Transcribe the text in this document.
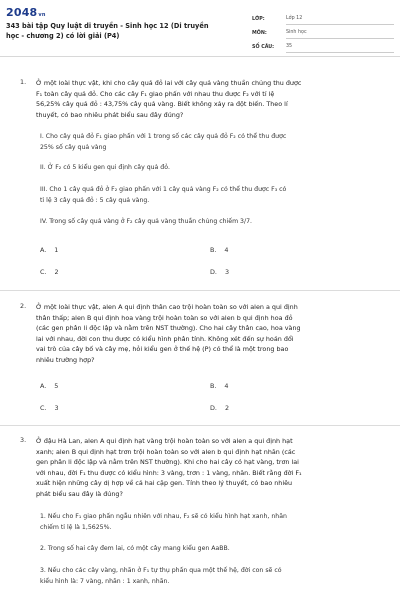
2048vn
343 bài tập Quy luật di truyền - Sinh học 12 (Di truyền học - chương 2) có lời giải (P4)
LỚP:	Lớp 12
MÔN:	Sinh học
SỐ CÂU:	35
1. Ở một loài thực vật, khi cho cây quả đỏ lai với cây quả vàng thuần chủng thu được
F₁ toàn cây quả đỏ. Cho các cây F₁ giao phấn với nhau thu được F₂ với tỉ lệ
56,25% cây quả đỏ : 43,75% cây quả vàng. Biết không xảy ra đột biến. Theo lí
thuyết, có bao nhiêu phát biểu sau đây đúng?
I. Cho cây quả đỏ F₁ giao phấn với 1 trong số các cây quả đỏ F₂ có thể thu được
25% số cây quả vàng
II. Ở F₂ có 5 kiểu gen qui định cây quả đỏ.
III. Cho 1 cây quả đỏ ở F₂ giao phấn với 1 cây quả vàng F₂ có thể thu được F₃ có
tỉ lệ 3 cây quả đỏ : 5 cây quả vàng.
IV. Trong số cây quả vàng ở F₂ cây quả vàng thuần chủng chiếm 3/7.
A. 1	B. 4
C. 2	D. 3
2. Ở một loài thực vật, alen A qui định thân cao trội hoàn toàn so với alen a qui định
thân thấp; alen B qui định hoa vàng trội hoàn toàn so với alen b qui định hoa đỏ
(các gen phân li độc lập và nằm trên NST thường). Cho hai cây thân cao, hoa vàng
lai với nhau, đời con thu được có kiểu hình phân tính. Không xét đến sự hoán đổi
vai trò của cây bố và cây mẹ, hỏi kiểu gen ở thế hệ (P) có thể là một trong bao
nhiêu trường hợp?
A. 5	B. 4
C. 3	D. 2
3. Ở đậu Hà Lan, alen A qui định hạt vàng trội hoàn toàn so với alen a qui định hạt
xanh; alen B qui định hạt trơn trội hoàn toàn so với alen b qui định hạt nhăn (các
gen phân li độc lập và nằm trên NST thường). Khi cho hai cây có hạt vàng, trơn lai
với nhau, đời F₁ thu được có kiểu hình: 3 vàng, trơn : 1 vàng, nhăn. Biết rằng đời F₁
xuất hiện những cây dị hợp về cả hai cặp gen. Tính theo lý thuyết, có bao nhiêu
phát biểu sau đây là đúng?
1. Nếu cho F₁ giao phấn ngẫu nhiên với nhau, F₂ sẽ có kiểu hình hạt xanh, nhăn
chiếm tỉ lệ là 1,5625%.
2. Trong số hai cây đem lai, có một cây mang kiểu gen AaBB.
3. Nếu cho các cây vàng, nhăn ở F₁ tự thụ phấn qua một thế hệ, đời con sẽ có
kiểu hình là: 7 vàng, nhăn : 1 xanh, nhăn.
